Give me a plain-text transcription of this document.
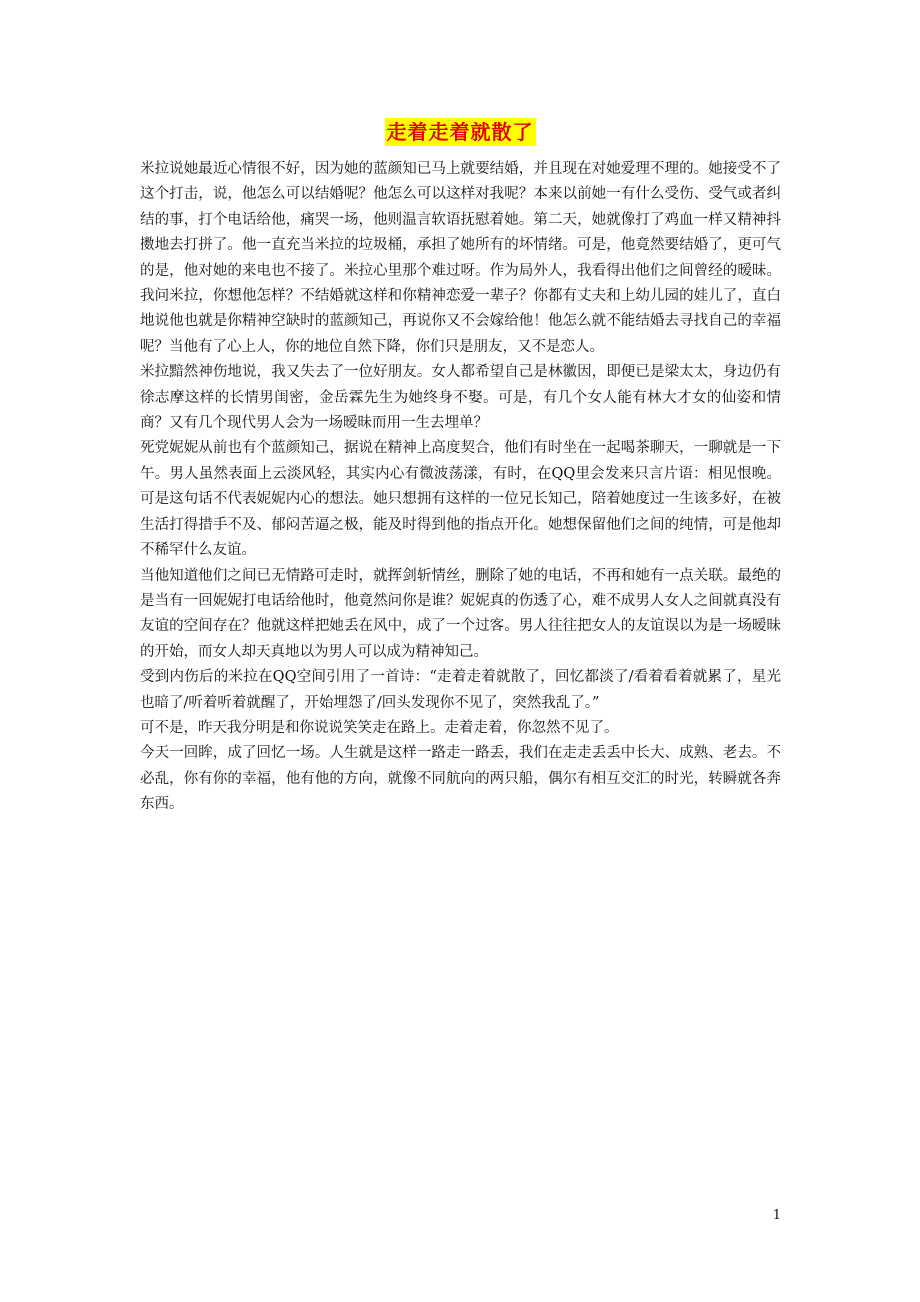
走着走着就散了

米拉说她最近心情很不好，因为她的蓝颜知已马上就要结婚，并且现在对她爱理不理的。她接受不了这个打击，说，他怎么可以结婚呢？他怎么可以这样对我呢？本来以前她一有什么受伤、受气或者纠结的事，打个电话给他，痛哭一场，他则温言软语抚慰着她。第二天，她就像打了鸡血一样又精神抖擞地去打拼了。他一直充当米拉的垃圾桶，承担了她所有的坏情绪。可是，他竟然要结婚了，更可气的是，他对她的来电也不接了。米拉心里那个难过呀。作为局外人，我看得出他们之间曾经的暧昧。我问米拉，你想他怎样？不结婚就这样和你精神恋爱一辈子？你都有丈夫和上幼儿园的娃儿了，直白地说他也就是你精神空缺时的蓝颜知己，再说你又不会嫁给他！他怎么就不能结婚去寻找自己的幸福呢？当他有了心上人，你的地位自然下降，你们只是朋友，又不是恋人。

米拉黯然神伤地说，我又失去了一位好朋友。女人都希望自己是林徽因，即便已是梁太太，身边仍有徐志摩这样的长情男闺密，金岳霖先生为她终身不娶。可是，有几个女人能有林大才女的仙姿和情商？又有几个现代男人会为一场暧昧而用一生去埋单？

死党妮妮从前也有个蓝颜知己，据说在精神上高度契合，他们有时坐在一起喝茶聊天，一聊就是一下午。男人虽然表面上云淡风轻，其实内心有微波荡漾，有时，在QQ里会发来只言片语：相见恨晚。可是这句话不代表妮妮内心的想法。她只想拥有这样的一位兄长知己，陪着她度过一生该多好，在被生活打得措手不及、郁闷苦逼之极，能及时得到他的指点开化。她想保留他们之间的纯情，可是他却不稀罕什么友谊。

当他知道他们之间已无情路可走时，就挥剑斩情丝，删除了她的电话，不再和她有一点关联。最绝的是当有一回妮妮打电话给他时，他竟然问你是谁？妮妮真的伤透了心，难不成男人女人之间就真没有友谊的空间存在？他就这样把她丢在风中，成了一个过客。男人往往把女人的友谊误以为是一场暧昧的开始，而女人却天真地以为男人可以成为精神知己。

受到内伤后的米拉在QQ空间引用了一首诗：“走着走着就散了，回忆都淡了/看着看着就累了，星光也暗了/听着听着就醒了，开始埋怨了/回头发现你不见了，突然我乱了。”

可不是，昨天我分明是和你说说笑笑走在路上。走着走着，你忽然不见了。

今天一回眸，成了回忆一场。人生就是这样一路走一路丢，我们在走走丢丢中长大、成熟、老去。不必乱，你有你的幸福，他有他的方向，就像不同航向的两只船，偶尔有相互交汇的时光，转瞬就各奔东西。

1
